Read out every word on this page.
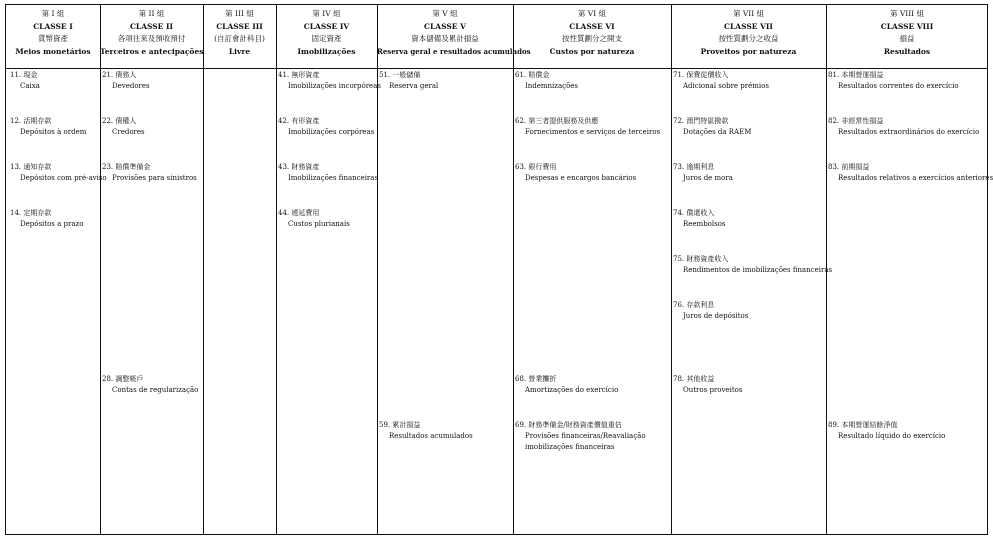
第 I 組
CLASSE I
貨幣資產
Meios monetários
第 II 組
CLASSE II
各項往來及預收預付
Terceiros e antecipações
第 III 組
CLASSE III
(自訂會計科目)
Livre
第 IV 組
CLASSE IV
固定資產
Imobilizações
第 V 組
CLASSE V
資本儲備及累計損益
Reserva geral e resultados acumulados
第 VI 組
CLASSE VI
按性質劃分之開支
Custos por natureza
第 VII 組
CLASSE VII
按性質劃分之收益
Proveitos por natureza
第 VIII 組
CLASSE VIII
損益
Resultados
11. 現金
Caixa
12. 活期存款
Depósitos à ordem
13. 通知存款
Depósitos com pré-aviso
14. 定期存款
Depósitos a prazo
21. 債務人
Devedores
22. 債權人
Credores
23. 賠償準備金
Provisões para sinistros
28. 調整帳戶
Contas de regularização
41. 無形資產
Imobilizações incorpóreas
42. 有形資產
Imobilizações corpóreas
43. 財務資產
Imobilizações financeiras
44. 遞延費用
Custos plurianais
51. 一般儲備
Reserva geral
59. 累計損益
Resultados acumulados
61. 賠償金
Indemnizações
62. 第三者提供服務及供應
Fornecimentos e serviços de terceiros
63. 銀行費用
Despesas e encargos bancários
68. 營業攤折
Amortizações do exercício
69. 財務準備金/財務資產價值重估
Provisões financeiras/Reavaliação
imobilizações financeiras
71. 保費從價收入
Adicional sobre prémios
72. 澳門特區撥款
Dotações da RAEM
73. 逾期利息
Juros de mora
74. 償還收入
Reembolsos
75. 財務資產收入
Rendimentos de imobilizações financeiras
76. 存款利息
Juros de depósitos
78. 其他收益
Outros proveitos
81. 本期營運損益
Resultados correntes do exercício
82. 非經常性損益
Resultados extraordinários do exercício
83. 前期損益
Resultados relativos a exercícios anteriores
89. 本期營運結餘淨值
Resultado líquido do exercício
